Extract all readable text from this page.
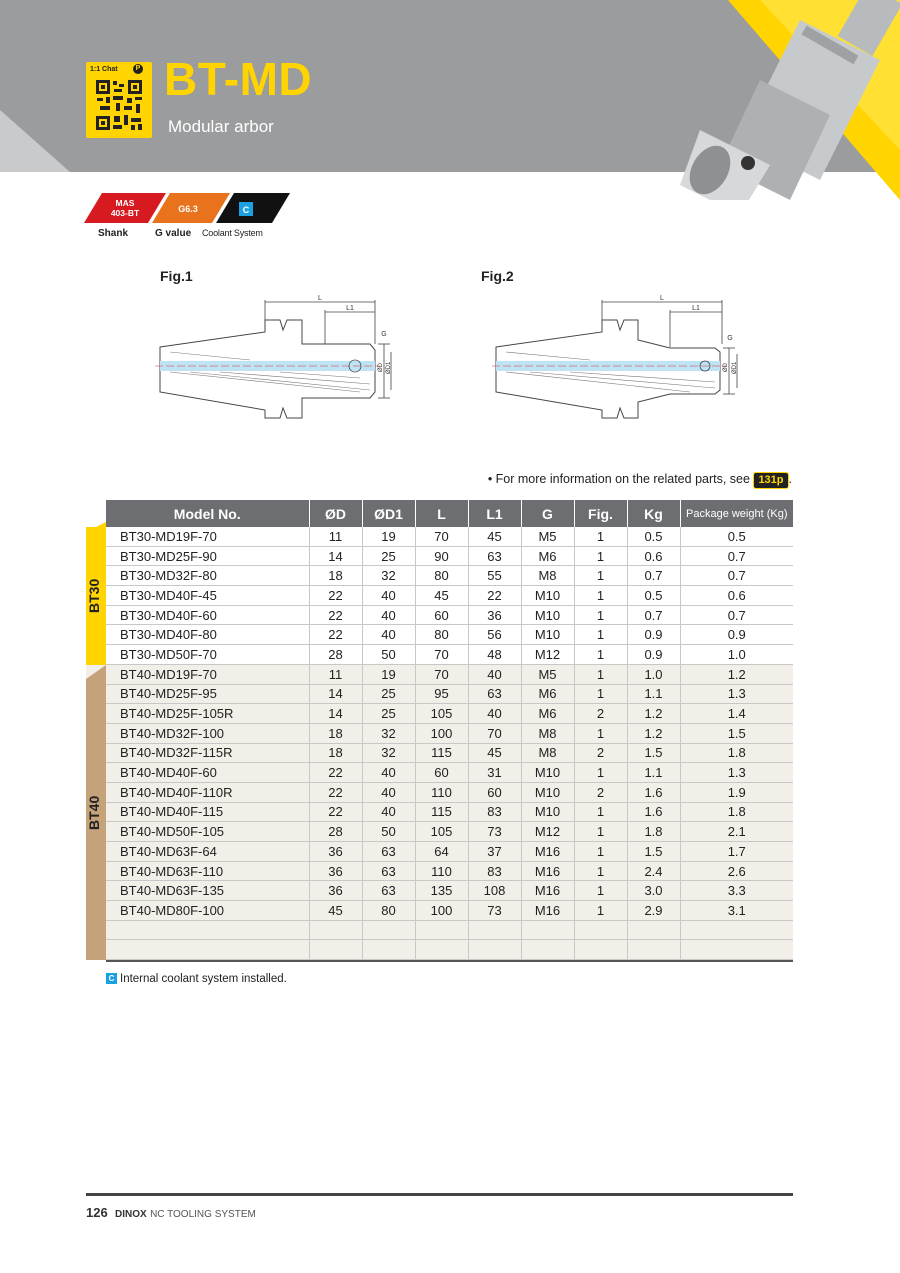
1:1 Chat	P BT-MD
Modular arbor
MAS
403-BT	G6.3	C
Shank	G value Coolant System
Fig.1	Fig.2
L
L1
G
ØD ØD1
L
L1
G
ØD ØD1
• For more information on the related parts, see 131p .
BT30
BT40
Model No.	ØD	ØD1	L	L1	G	Fig.	Kg	Package weight (Kg)
BT30-MD19F-70	11	19	70	45	M5	1	0.5	0.5
BT30-MD25F-90	14	25	90	63	M6	1	0.6	0.7
BT30-MD32F-80	18	32	80	55	M8	1	0.7	0.7
BT30-MD40F-45	22	40	45	22	M10	1	0.5	0.6
BT30-MD40F-60	22	40	60	36	M10	1	0.7	0.7
BT30-MD40F-80	22	40	80	56	M10	1	0.9	0.9
BT30-MD50F-70	28	50	70	48	M12	1	0.9	1.0
BT40-MD19F-70	11	19	70	40	M5	1	1.0	1.2
BT40-MD25F-95	14	25	95	63	M6	1	1.1	1.3
BT40-MD25F-105R	14	25	105	40	M6	2	1.2	1.4
BT40-MD32F-100	18	32	100	70	M8	1	1.2	1.5
BT40-MD32F-115R	18	32	115	45	M8	2	1.5	1.8
BT40-MD40F-60	22	40	60	31	M10	1	1.1	1.3
BT40-MD40F-110R	22	40	110	60	M10	2	1.6	1.9
BT40-MD40F-115	22	40	115	83	M10	1	1.6	1.8
BT40-MD50F-105	28	50	105	73	M12	1	1.8	2.1
BT40-MD63F-64	36	63	64	37	M16	1	1.5	1.7
BT40-MD63F-110	36	63	110	83	M16	1	2.4	2.6
BT40-MD63F-135	36	63	135	108	M16	1	3.0	3.3
BT40-MD80F-100	45	80	100	73	M16	1	2.9	3.1

C Internal coolant system installed.
126 DINOX NC TOOLING SYSTEM
